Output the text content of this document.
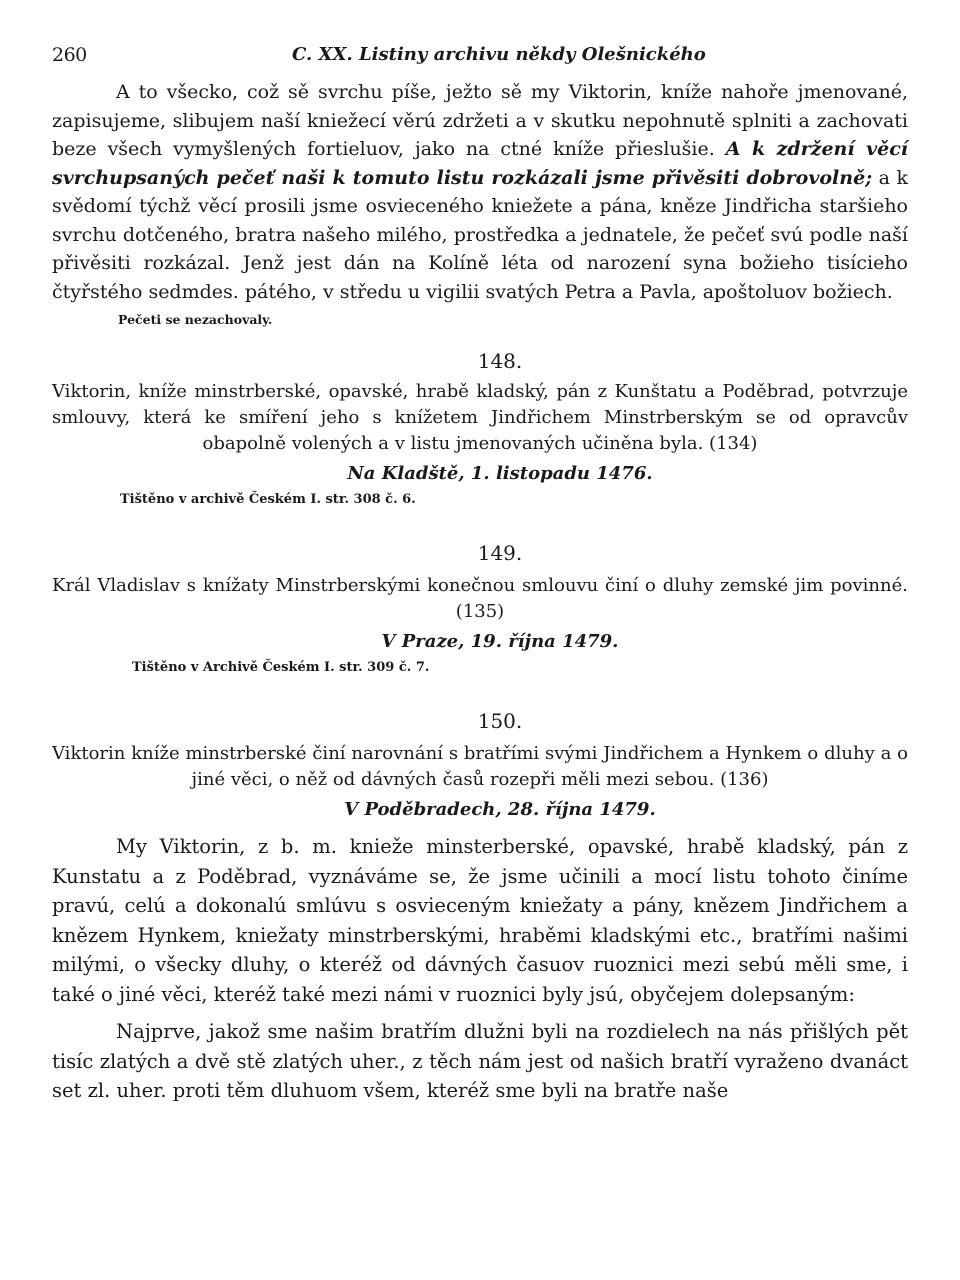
260	C. XX. Listiny archivu někdy Olešnického

A to všecko, což sě svrchu píše, ježto sě my Viktorin, kníže nahoře jmenované, zapisujeme, slibujem naší kniežecí věrú zdržeti a v skutku nepohnutě splniti a zachovati beze všech vymyšlených fortieluov, jako na ctné kníže přieslušie. A k zdržení věcí svrchupsaných pečeť naši k tomuto listu rozkázali jsme přivěsiti dobrovolně; a k svědomí týchž věcí prosili jsme osvieceného kniežete a pána, kněze Jindřicha staršieho svrchu dotčeného, bratra našeho milého, prostředka a jednatele, že pečeť svú podle naší přivěsiti rozkázal. Jenž jest dán na Kolíně léta od narození syna božieho tisícieho čtyřstého sedmdes. pátého, v středu u vigilii svatých Petra a Pavla, apoštoluov božiech.

Pečeti se nezachovaly.

148.

Viktorin, kníže minstrberské, opavské, hrabě kladský, pán z Kunštatu a Poděbrad, potvrzuje smlouvy, která ke smíření jeho s knížetem Jindřichem Minstrberským se od opravcův obapolně volených a v listu jmenovaných učiněna byla. (134)

Na Kladště, 1. listopadu 1476.

Tištěno v archivě Českém I. str. 308 č. 6.

149.

Král Vladislav s knížaty Minstrberskými konečnou smlouvu činí o dluhy zemské jim povinné. (135)

V Praze, 19. října 1479.

Tištěno v Archivě Českém I. str. 309 č. 7.

150.

Viktorin kníže minstrberské činí narovnání s bratřími svými Jindřichem a Hynkem o dluhy a o jiné věci, o něž od dávných časů rozepři měli mezi sebou. (136)

V Poděbradech, 28. října 1479.

My Viktorin, z b. m. knieže minsterberské, opavské, hrabě kladský, pán z Kunstatu a z Poděbrad, vyznáváme se, že jsme učinili a mocí listu tohoto činíme pravú, celú a dokonalú smlúvu s osvieceným kniežaty a pány, knězem Jindřichem a knězem Hynkem, kniežaty minstrberskými, hraběmi kladskými etc., bratřími našimi milými, o všecky dluhy, o kteréž od dávných časuov ruoznici mezi sebú měli sme, i také o jiné věci, kteréž také mezi námi v ruoznici byly jsú, obyčejem dolepsaným:

Najprve, jakož sme našim bratřím dlužni byli na rozdielech na nás přišlých pět tisíc zlatých a dvě stě zlatých uher., z těch nám jest od našich bratří vyraženo dvanáct set zl. uher. proti těm dluhuom všem, kteréž sme byli na bratře naše
